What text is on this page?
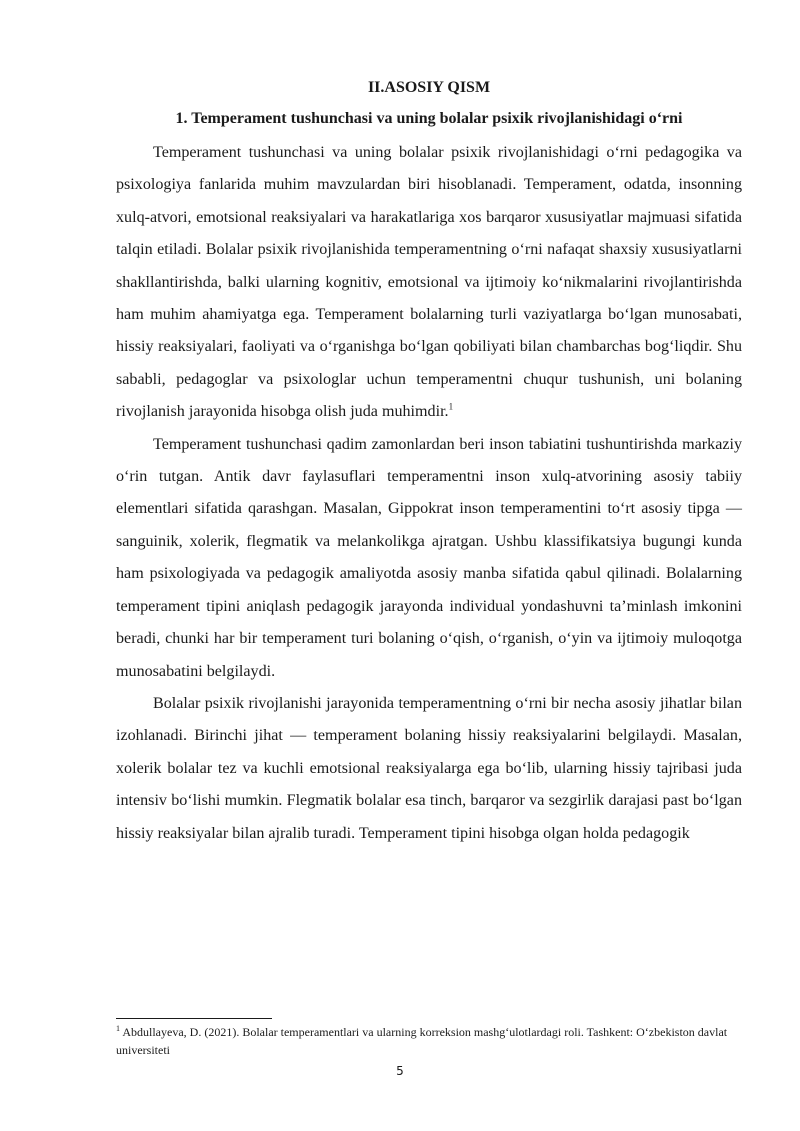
II.ASOSIY QISM
1. Temperament tushunchasi va uning bolalar psixik rivojlanishidagi o‘rni

Temperament tushunchasi va uning bolalar psixik rivojlanishidagi o‘rni pedagogika va psixologiya fanlarida muhim mavzulardan biri hisoblanadi. Temperament, odatda, insonning xulq-atvori, emotsional reaksiyalari va harakatlariga xos barqaror xususiyatlar majmuasi sifatida talqin etiladi. Bolalar psixik rivojlanishida temperamentning o‘rni nafaqat shaxsiy xususiyatlarni shakllantirishda, balki ularning kognitiv, emotsional va ijtimoiy ko‘nikmalarini rivojlantirishda ham muhim ahamiyatga ega. Temperament bolalarning turli vaziyatlarga bo‘lgan munosabati, hissiy reaksiyalari, faoliyati va o‘rganishga bo‘lgan qobiliyati bilan chambarchas bog‘liqdir. Shu sababli, pedagoglar va psixologlar uchun temperamentni chuqur tushunish, uni bolaning rivojlanish jarayonida hisobga olish juda muhimdir.$^1$

Temperament tushunchasi qadim zamonlardan beri inson tabiatini tushuntirishda markaziy o‘rin tutgan. Antik davr faylasuflari temperamentni inson xulq-atvorining asosiy tabiiy elementlari sifatida qarashgan. Masalan, Gippokrat inson temperamentini to‘rt asosiy tipga — sanguinik, xolerik, flegmatik va melankolikga ajratgan. Ushbu klassifikatsiya bugungi kunda ham psixologiyada va pedagogik amaliyotda asosiy manba sifatida qabul qilinadi. Bolalarning temperament tipini aniqlash pedagogik jarayonda individual yondashuvni ta’minlash imkonini beradi, chunki har bir temperament turi bolaning o‘qish, o‘rganish, o‘yin va ijtimoiy muloqotga munosabatini belgilaydi.

Bolalar psixik rivojlanishi jarayonida temperamentning o‘rni bir necha asosiy jihatlar bilan izohlanadi. Birinchi jihat — temperament bolaning hissiy reaksiyalarini belgilaydi. Masalan, xolerik bolalar tez va kuchli emotsional reaksiyalarga ega bo‘lib, ularning hissiy tajribasi juda intensiv bo‘lishi mumkin. Flegmatik bolalar esa tinch, barqaror va sezgirlik darajasi past bo‘lgan hissiy reaksiyalar bilan ajralib turadi. Temperament tipini hisobga olgan holda pedagogik

$^1$ Abdullayeva, D. (2021). Bolalar temperamentlari va ularning korreksion mashg‘ulotlardagi roli. Tashkent: O‘zbekiston davlat universiteti

5
